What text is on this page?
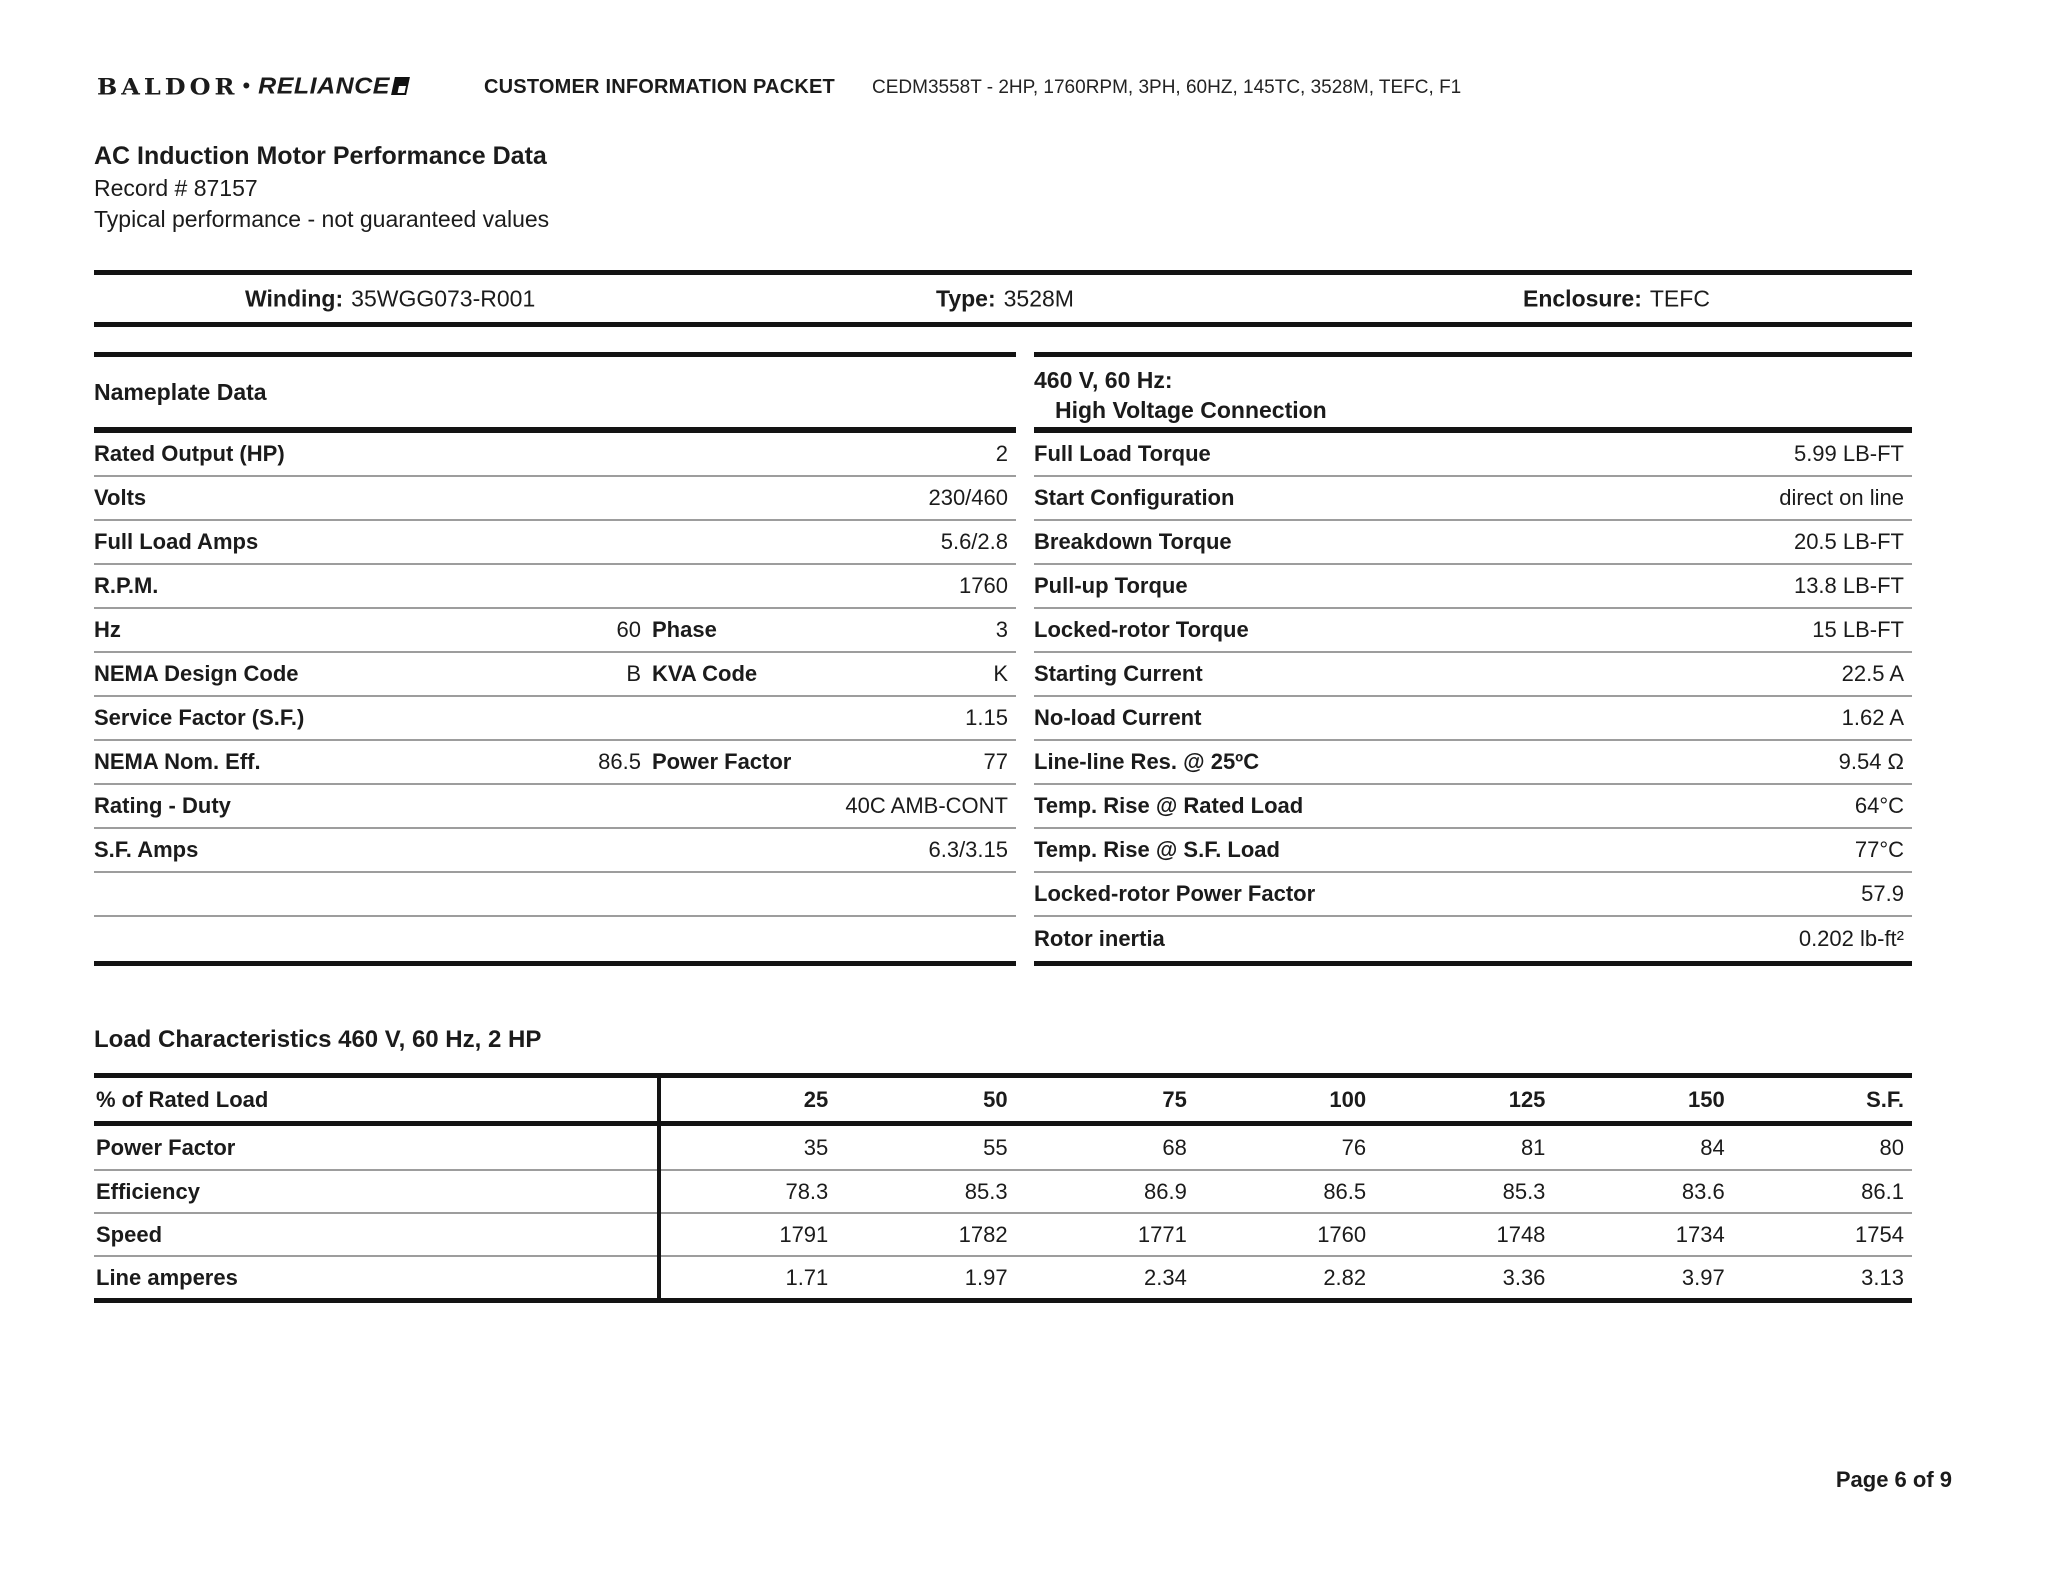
BALDOR • RELIANCE	CUSTOMER INFORMATION PACKET CEDM3558T - 2HP, 1760RPM, 3PH, 60HZ, 145TC, 3528M, TEFC, F1
AC Induction Motor Performance Data
Record # 87157
Typical performance - not guaranteed values
Winding: 35WGG073-R001	Type: 3528M	Enclosure: TEFC
Nameplate Data
Rated Output (HP)	2
Volts	230/460
Full Load Amps	5.6/2.8
R.P.M.	1760
Hz	60 Phase	3
NEMA Design Code	B KVA Code	K
Service Factor (S.F.)	1.15
NEMA Nom. Eff.	86.5 Power Factor	77
Rating - Duty	40C AMB-CONT
S.F. Amps	6.3/3.15
460 V, 60 Hz:
High Voltage Connection
Full Load Torque	5.99 LB-FT
Start Configuration	direct on line
Breakdown Torque	20.5 LB-FT
Pull-up Torque	13.8 LB-FT
Locked-rotor Torque	15 LB-FT
Starting Current	22.5 A
No-load Current	1.62 A
Line-line Res. @ 25ºC	9.54 Ω
Temp. Rise @ Rated Load	64°C
Temp. Rise @ S.F. Load	77°C
Locked-rotor Power Factor	57.9
Rotor inertia	0.202 lb-ft²
Load Characteristics 460 V, 60 Hz, 2 HP
% of Rated Load	25	50	75	100	125	150	S.F.
Power Factor	35	55	68	76	81	84	80
Efficiency	78.3	85.3	86.9	86.5	85.3	83.6	86.1
Speed	1791	1782	1771	1760	1748	1734	1754
Line amperes	1.71	1.97	2.34	2.82	3.36	3.97	3.13
Page 6 of 9
